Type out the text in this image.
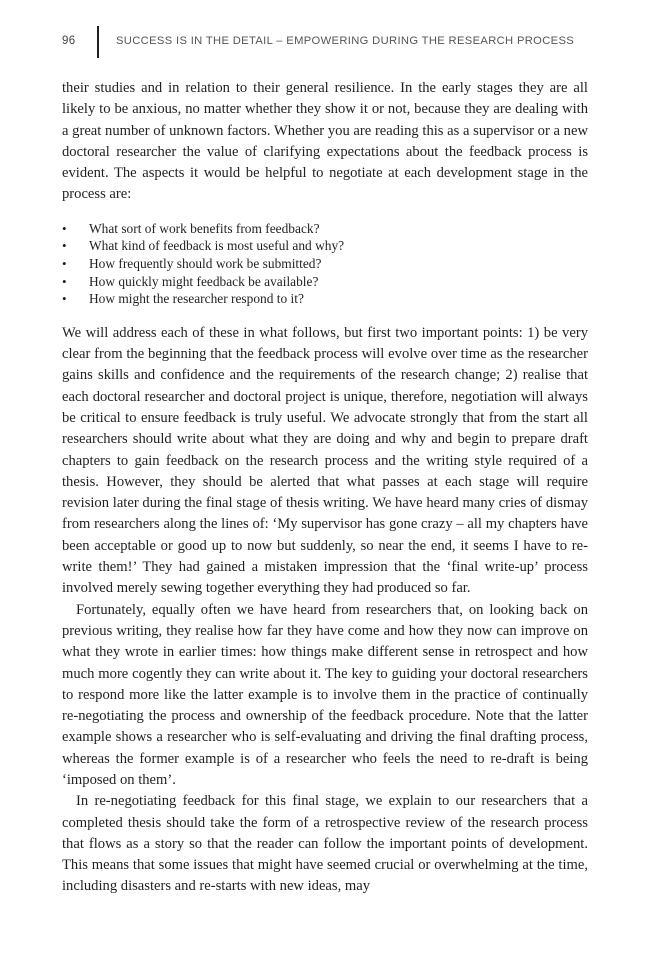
96	SUCCESS IS IN THE DETAIL – EMPOWERING DURING THE RESEARCH PROCESS

their studies and in relation to their general resilience. In the early stages they are all likely to be anxious, no matter whether they show it or not, because they are dealing with a great number of unknown factors. Whether you are reading this as a supervisor or a new doctoral researcher the value of clarifying expectations about the feedback process is evident. The aspects it would be helpful to negotiate at each development stage in the process are:

• What sort of work benefits from feedback?
• What kind of feedback is most useful and why?
• How frequently should work be submitted?
• How quickly might feedback be available?
• How might the researcher respond to it?

We will address each of these in what follows, but first two important points: 1) be very clear from the beginning that the feedback process will evolve over time as the researcher gains skills and confidence and the requirements of the research change; 2) realise that each doctoral researcher and doctoral project is unique, therefore, negotiation will always be critical to ensure feedback is truly useful. We advocate strongly that from the start all researchers should write about what they are doing and why and begin to prepare draft chapters to gain feedback on the research process and the writing style required of a thesis. However, they should be alerted that what passes at each stage will require revision later during the final stage of thesis writing. We have heard many cries of dismay from researchers along the lines of: ‘My supervisor has gone crazy – all my chapters have been acceptable or good up to now but suddenly, so near the end, it seems I have to re-write them!’ They had gained a mistaken impression that the ‘final write-up’ process involved merely sewing together everything they had produced so far.

Fortunately, equally often we have heard from researchers that, on looking back on previous writing, they realise how far they have come and how they now can improve on what they wrote in earlier times: how things make different sense in retrospect and how much more cogently they can write about it. The key to guiding your doctoral researchers to respond more like the latter example is to involve them in the practice of continually re-negotiating the process and ownership of the feedback procedure. Note that the latter example shows a researcher who is self-evaluating and driving the final drafting process, whereas the former example is of a researcher who feels the need to re-draft is being ‘imposed on them’.

In re-negotiating feedback for this final stage, we explain to our researchers that a completed thesis should take the form of a retrospective review of the research process that flows as a story so that the reader can follow the important points of development. This means that some issues that might have seemed crucial or overwhelming at the time, including disasters and re-starts with new ideas, may
